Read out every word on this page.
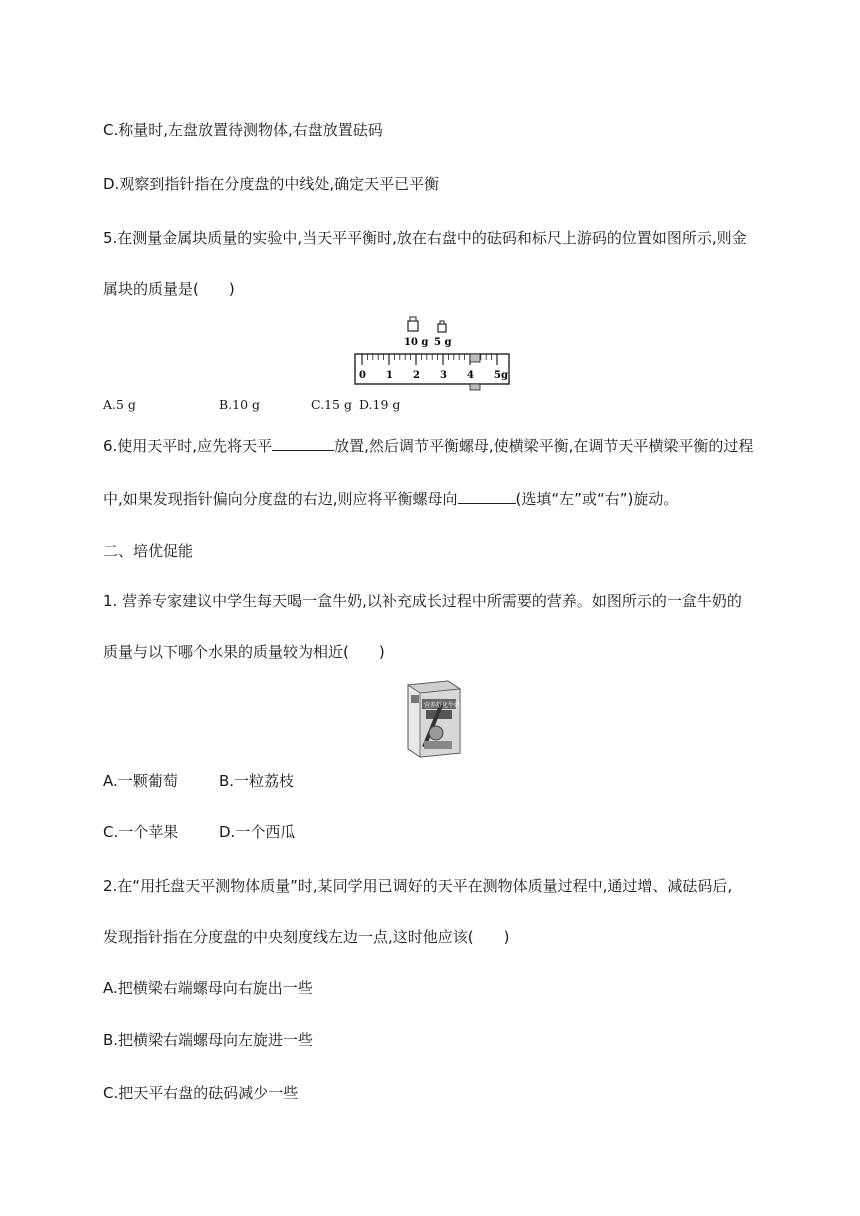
C.称量时,左盘放置待测物体,右盘放置砝码
D.观察到指针指在分度盘的中线处,确定天平已平衡
5.在测量金属块质量的实验中,当天平平衡时,放在右盘中的砝码和标尺上游码的位置如图所示,则金
属块的质量是(　　)
10 g 5 g
0 1 2 3 4 5g
A.5 g	B.10 g	C.15 g D.19 g
6.使用天平时,应先将天平	放置,然后调节平衡螺母,使横梁平衡,在调节天平横梁平衡的过程
中,如果发现指针偏向分度盘的右边,则应将平衡螺母向	(选填“左”或“右”)旋动。
二、培优促能
1. 营养专家建议中学生每天喝一盒牛奶,以补充成长过程中所需要的营养。如图所示的一盒牛奶的
质量与以下哪个水果的质量较为相近(　　)
营养舒化牛奶
A.一颗葡萄	B.一粒荔枝
C.一个苹果	D.一个西瓜
2.在“用托盘天平测物体质量”时,某同学用已调好的天平在测物体质量过程中,通过增、减砝码后,
发现指针指在分度盘的中央刻度线左边一点,这时他应该(　　)
A.把横梁右端螺母向右旋出一些
B.把横梁右端螺母向左旋进一些
C.把天平右盘的砝码减少一些
